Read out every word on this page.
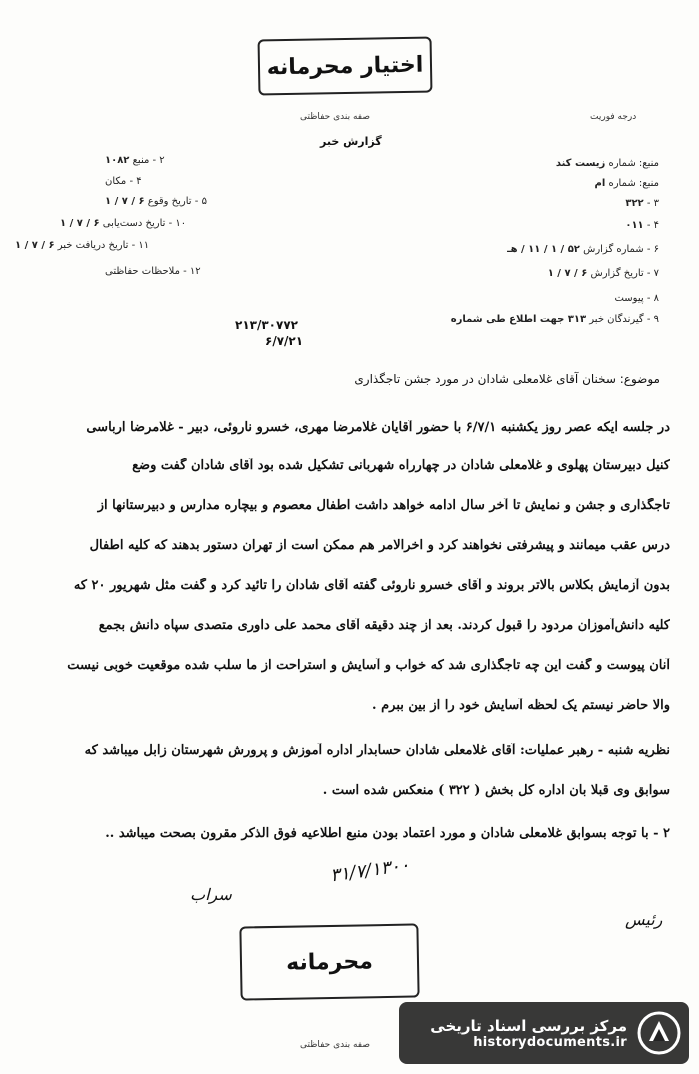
اختیار محرمانه
صفه بندی حفاظتی	درجه فوریت
گزارش خبر
منبع: شماره زیست کند
منبع: شماره ام
۳ - ۳۲۲
۴ - ۰۱۱
۶ - شماره گزارش ۵۲ / ۱ / ۱۱ / هـ
۷ - تاریخ گزارش ۶ / ۷ / ۱
۸ - پیوست
۹ - گیرندگان خبر ۳۱۳ جهت اطلاع طی شماره
۲ - منبع ۱۰۸۲
۴ - مکان
۵ - تاریخ وقوع ۶ / ۷ / ۱
۱۰ - تاریخ دست‌یابی ۶ / ۷ / ۱
۱۱ - تاریخ دریافت خبر ۶ / ۷ / ۱
۱۲ - ملاحظات حفاظتی
۲۱۳/۳۰۷۷۲
۶/۷/۲۱
موضوع: سخنان آقای غلامعلی شادان در مورد جشن تاجگذاری
در جلسه ایکه عصر روز یکشنبه ۶/۷/۱ با حضور آقایان غلامرضا مهری، خسرو ناروئی، دبیر - غلامرضا ارباسی
کنیل دبیرستان پهلوی و غلامعلی شادان در چهارراه شهربانی تشکیل شده بود آقای شادان گفت وضع
تاجگذاری و جشن و نمایش تا آخر سال ادامه خواهد داشت اطفال معصوم و بیچاره مدارس و دبیرستانها از
درس عقب میمانند و پیشرفتی نخواهند کرد و اخرالامر هم ممکن است از تهران دستور بدهند که کلیه اطفال
بدون آزمایش بکلاس بالاتر بروند و آقای خسرو ناروئی گفته آقای شادان را تائید کرد و گفت مثل شهریور ۲۰ که
کلیه دانش‌آموزان مردود را قبول کردند. بعد از چند دقیقه آقای محمد علی داوری متصدی سپاه دانش بجمع
آنان پیوست و گفت این چه تاجگذاری شد که خواب و آسایش و استراحت از ما سلب شده موقعیت خوبی نیست
والا حاضر نیستم یک لحظه آسایش خود را از بین ببرم .
نظریه شنبه - رهبر عملیات: آقای غلامعلی شادان حسابدار اداره آموزش و پرورش شهرستان زابل میباشد که
سوابق وی قبلا بان اداره کل بخش ( ۳۲۲ ) منعکس شده است .
۲ - با توجه بسوابق غلامعلی شادان و مورد اعتماد بودن منبع اطلاعیه فوق الذکر مقرون بصحت میباشد ..
۳۱/۷/۱۳۰۰
سراب
رئیس
محرمانه
صفه بندی حفاظتی
مرکز بررسی اسناد تاریخی
historydocuments.ir
